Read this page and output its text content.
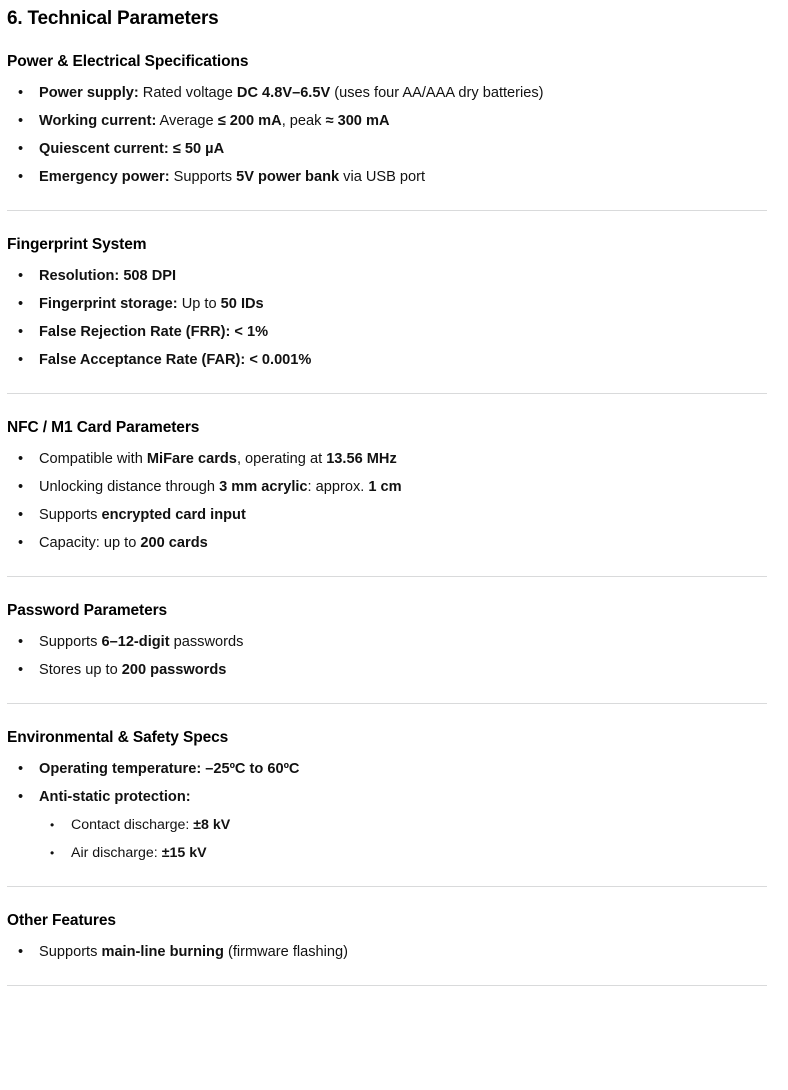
6. Technical Parameters
Power & Electrical Specifications
•	Power supply: Rated voltage DC 4.8V–6.5V (uses four AA/AAA dry batteries)
•	Working current: Average ≤ 200 mA, peak ≈ 300 mA
•	Quiescent current: ≤ 50 µA
•	Emergency power: Supports 5V power bank via USB port
Fingerprint System
•	Resolution: 508 DPI
•	Fingerprint storage: Up to 50 IDs
•	False Rejection Rate (FRR): < 1%
•	False Acceptance Rate (FAR): < 0.001%
NFC / M1 Card Parameters
•	Compatible with MiFare cards, operating at 13.56 MHz
•	Unlocking distance through 3 mm acrylic: approx. 1 cm
•	Supports encrypted card input
•	Capacity: up to 200 cards
Password Parameters
•	Supports 6–12-digit passwords
•	Stores up to 200 passwords
Environmental & Safety Specs
•	Operating temperature: –25ºC to 60ºC
•	Anti-static protection:
•	Contact discharge: ±8 kV
•	Air discharge: ±15 kV
Other Features
•	Supports main-line burning (firmware flashing)
